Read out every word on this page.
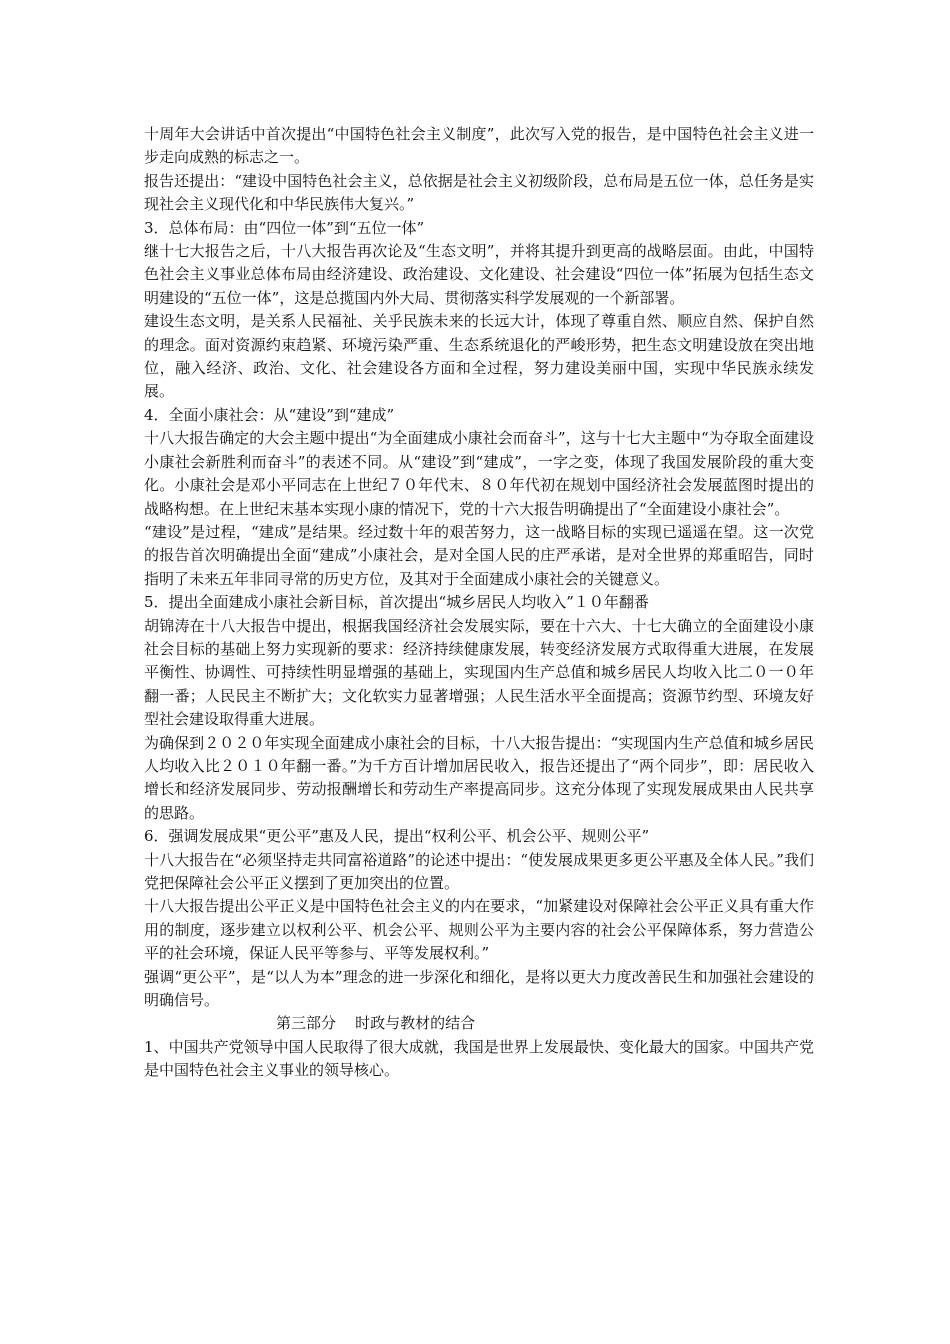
十周年大会讲话中首次提出“中国特色社会主义制度”，此次写入党的报告，是中国特色社会主义进一步走向成熟的标志之一。

报告还提出：“建设中国特色社会主义，总依据是社会主义初级阶段，总布局是五位一体，总任务是实现社会主义现代化和中华民族伟大复兴。”

3．总体布局：由“四位一体”到“五位一体”

继十七大报告之后，十八大报告再次论及“生态文明”，并将其提升到更高的战略层面。由此，中国特色社会主义事业总体布局由经济建设、政治建设、文化建设、社会建设“四位一体”拓展为包括生态文明建设的“五位一体”，这是总揽国内外大局、贯彻落实科学发展观的一个新部署。

建设生态文明，是关系人民福祉、关乎民族未来的长远大计，体现了尊重自然、顺应自然、保护自然的理念。面对资源约束趋紧、环境污染严重、生态系统退化的严峻形势，把生态文明建设放在突出地位，融入经济、政治、文化、社会建设各方面和全过程，努力建设美丽中国，实现中华民族永续发展。

4．全面小康社会：从“建设”到“建成”

十八大报告确定的大会主题中提出“为全面建成小康社会而奋斗”，这与十七大主题中“为夺取全面建设小康社会新胜利而奋斗”的表述不同。从“建设”到“建成”，一字之变，体现了我国发展阶段的重大变化。小康社会是邓小平同志在上世纪７０年代末、８０年代初在规划中国经济社会发展蓝图时提出的战略构想。在上世纪末基本实现小康的情况下，党的十六大报告明确提出了“全面建设小康社会”。

“建设”是过程，“建成”是结果。经过数十年的艰苦努力，这一战略目标的实现已遥遥在望。这一次党的报告首次明确提出全面“建成”小康社会，是对全国人民的庄严承诺，是对全世界的郑重昭告，同时指明了未来五年非同寻常的历史方位，及其对于全面建成小康社会的关键意义。

5．提出全面建成小康社会新目标，首次提出“城乡居民人均收入”１０年翻番

胡锦涛在十八大报告中提出，根据我国经济社会发展实际，要在十六大、十七大确立的全面建设小康社会目标的基础上努力实现新的要求：经济持续健康发展，转变经济发展方式取得重大进展，在发展平衡性、协调性、可持续性明显增强的基础上，实现国内生产总值和城乡居民人均收入比二０一０年翻一番；人民民主不断扩大；文化软实力显著增强；人民生活水平全面提高；资源节约型、环境友好型社会建设取得重大进展。

为确保到２０２０年实现全面建成小康社会的目标，十八大报告提出：“实现国内生产总值和城乡居民人均收入比２０１０年翻一番。”为千方百计增加居民收入，报告还提出了“两个同步”，即：居民收入增长和经济发展同步、劳动报酬增长和劳动生产率提高同步。这充分体现了实现发展成果由人民共享的思路。

6．强调发展成果“更公平”惠及人民，提出“权利公平、机会公平、规则公平”

十八大报告在“必须坚持走共同富裕道路”的论述中提出：“使发展成果更多更公平惠及全体人民。”我们党把保障社会公平正义摆到了更加突出的位置。

十八大报告提出公平正义是中国特色社会主义的内在要求，“加紧建设对保障社会公平正义具有重大作用的制度，逐步建立以权利公平、机会公平、规则公平为主要内容的社会公平保障体系，努力营造公平的社会环境，保证人民平等参与、平等发展权利。”

强调“更公平”，是“以人为本”理念的进一步深化和细化，是将以更大力度改善民生和加强社会建设的明确信号。

第三部分    时政与教材的结合

1、中国共产党领导中国人民取得了很大成就，我国是世界上发展最快、变化最大的国家。中国共产党是中国特色社会主义事业的领导核心。
